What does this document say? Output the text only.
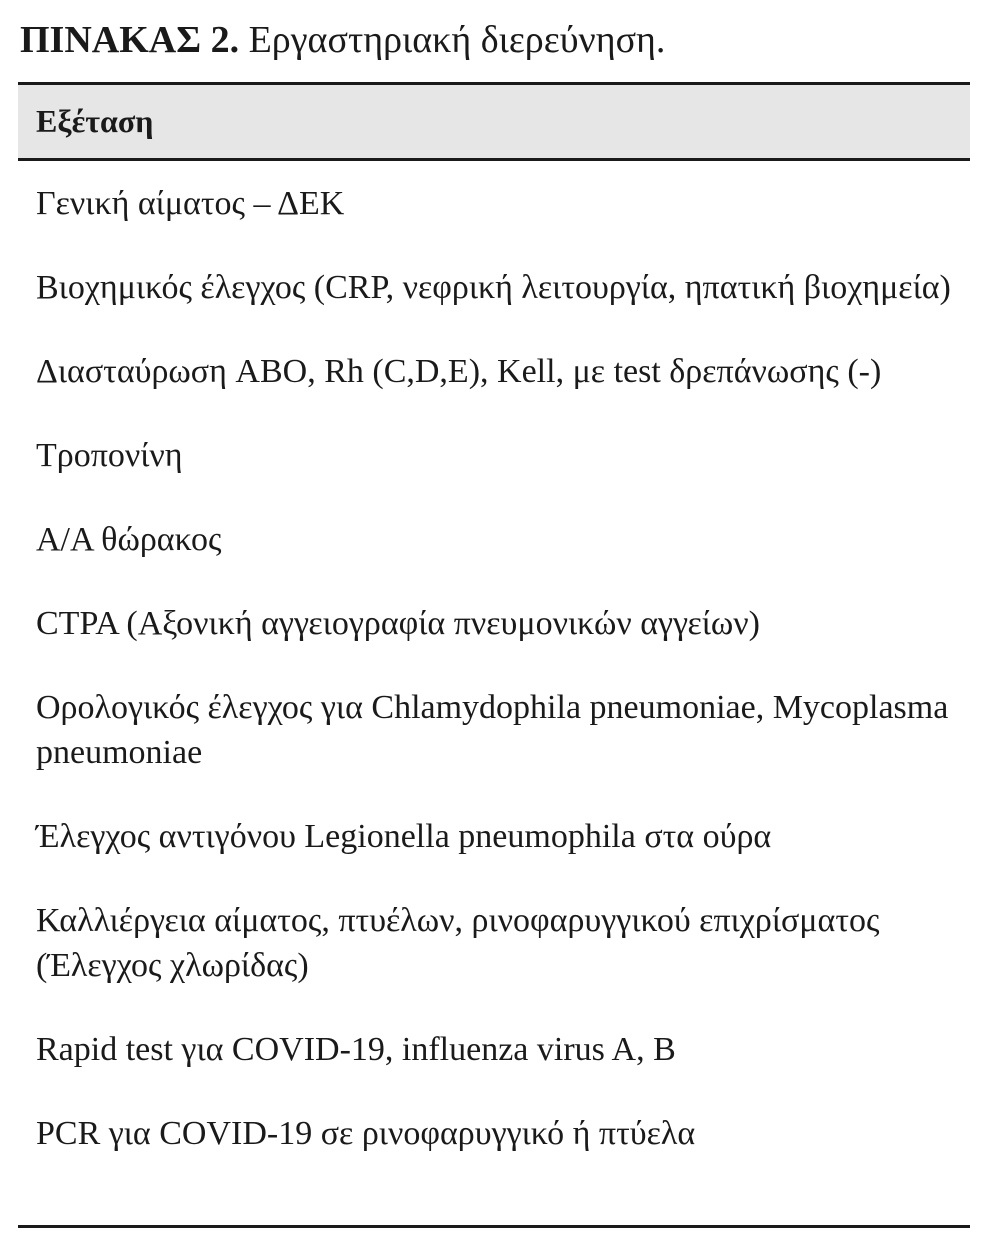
ΠΙΝΑΚΑΣ 2. Εργαστηριακή διερεύνηση.
Εξέταση
Γενική αίματος – ΔΕΚ
Βιοχημικός έλεγχος (CRP, νεφρική λειτουργία, ηπατική βιοχημεία)
Διασταύρωση ABO, Rh (C,D,E), Kell, με test δρεπάνωσης (-)
Τροπονίνη
Α/Α θώρακος
CTPA (Αξονική αγγειογραφία πνευμονικών αγγείων)
Ορολογικός έλεγχος για Chlamydophila pneumoniae, Mycoplasma pneumoniae
Έλεγχος αντιγόνου Legionella pneumophila στα ούρα
Καλλιέργεια αίματος, πτυέλων, ρινοφαρυγγικού επιχρίσματος (Έλεγχος χλωρίδας)
Rapid test για COVID-19, influenza virus A, B
PCR για COVID-19 σε ρινοφαρυγγικό ή πτύελα
